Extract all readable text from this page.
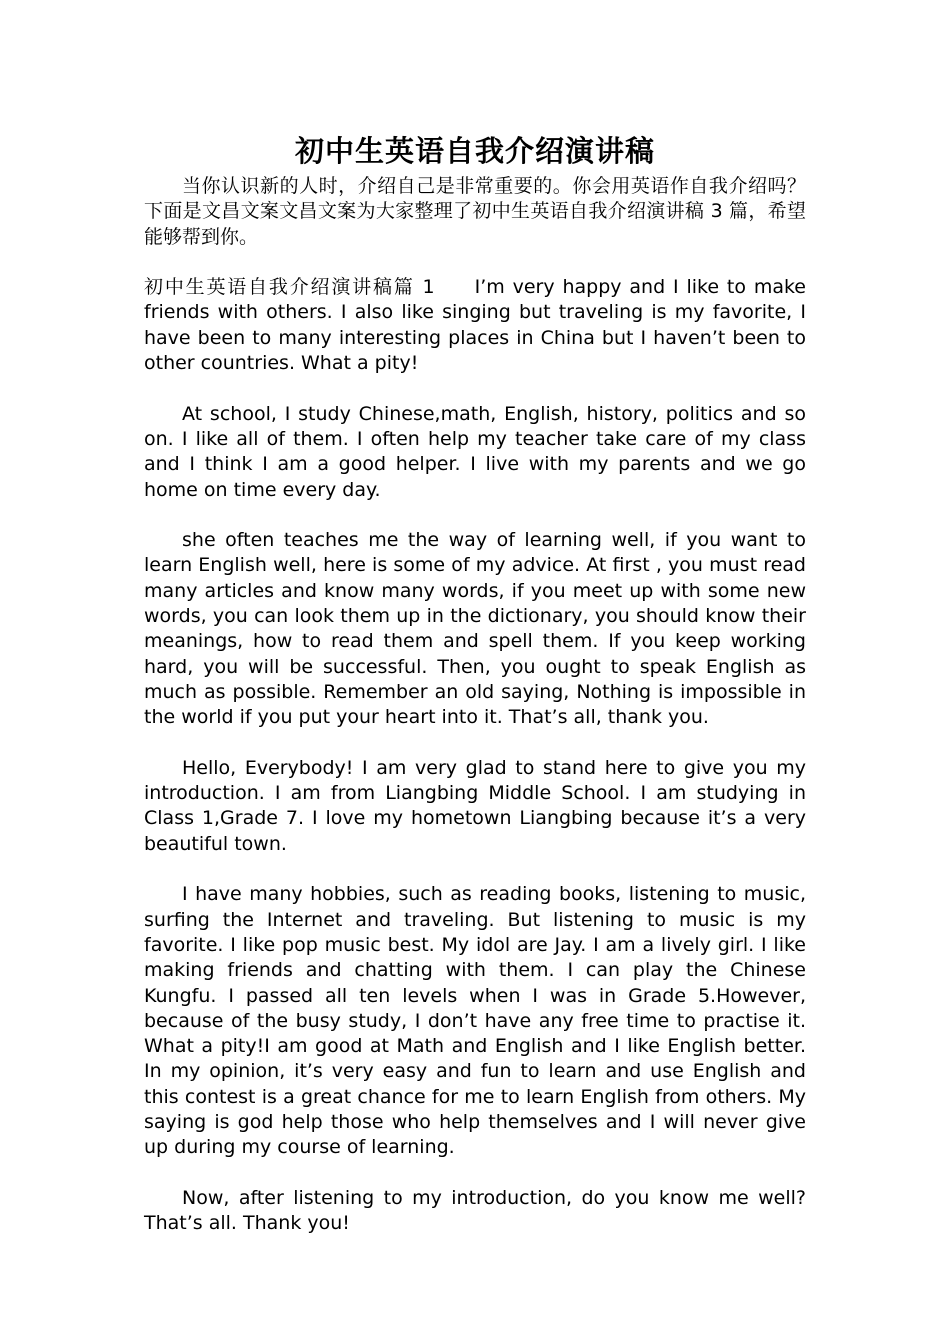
初中生英语自我介绍演讲稿

当你认识新的人时，介绍自己是非常重要的。你会用英语作自我介绍吗？下面是文昌文案文昌文案为大家整理了初中生英语自我介绍演讲稿 3 篇，希望能够帮到你。

初中生英语自我介绍演讲稿篇 1 I’m very happy and I like to make friends with others. I also like singing but traveling is my favorite, I have been to many interesting places in China but I haven’t been to other countries. What a pity!

At school, I study Chinese,math, English, history, politics and so on. I like all of them. I often help my teacher take care of my class and I think I am a good helper. I live with my parents and we go home on time every day.

she often teaches me the way of learning well, if you want to learn English well, here is some of my advice. At first , you must read many articles and know many words, if you meet up with some new words, you can look them up in the dictionary, you should know their meanings, how to read them and spell them. If you keep working hard, you will be successful. Then, you ought to speak English as much as possible. Remember an old saying, Nothing is impossible in the world if you put your heart into it. That’s all, thank you.

Hello, Everybody! I am very glad to stand here to give you my introduction. I am from Liangbing Middle School. I am studying in Class 1,Grade 7. I love my hometown Liangbing because it’s a very beautiful town.

I have many hobbies, such as reading books, listening to music, surfing the Internet and traveling. But listening to music is my favorite. I like pop music best. My idol are Jay. I am a lively girl. I like making friends and chatting with them. I can play the Chinese Kungfu. I passed all ten levels when I was in Grade 5.However, because of the busy study, I don’t have any free time to practise it. What a pity!I am good at Math and English and I like English better. In my opinion, it’s very easy and fun to learn and use English and this contest is a great chance for me to learn English from others. My saying is god help those who help themselves and I will never give up during my course of learning.

Now, after listening to my introduction, do you know me well? That’s all. Thank you!
